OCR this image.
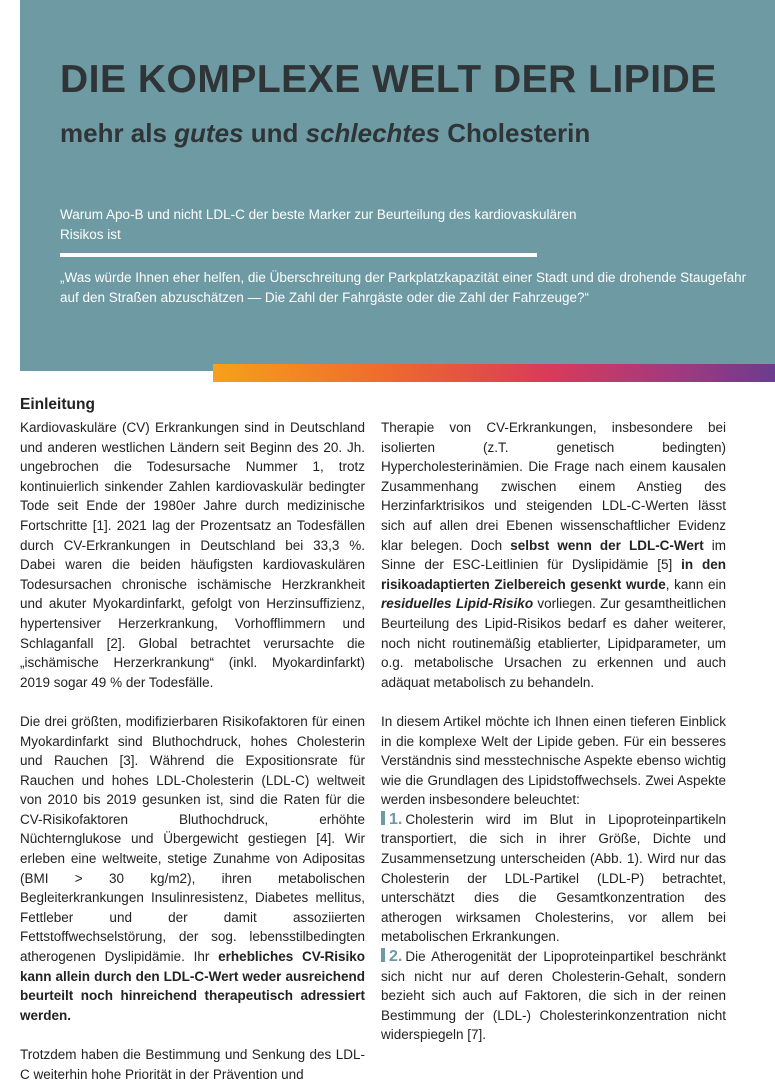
DIE KOMPLEXE WELT DER LIPIDE
mehr als gutes und schlechtes Cholesterin
Warum Apo-B und nicht LDL-C der beste Marker zur Beurteilung des kardiovaskulären Risikos ist
„Was würde Ihnen eher helfen, die Überschreitung der Parkplatzkapazität einer Stadt und die drohende Staugefahr auf den Straßen abzuschätzen — Die Zahl der Fahrgäste oder die Zahl der Fahrzeuge?“
Einleitung

Kardiovaskuläre (CV) Erkrankungen sind in Deutschland und anderen westlichen Ländern seit Beginn des 20. Jh. ungebrochen die Todesursache Nummer 1, trotz kontinuierlich sinkender Zahlen kardiovaskulär bedingter Tode seit Ende der 1980er Jahre durch medizinische Fortschritte [1]. 2021 lag der Prozentsatz an Todesfällen durch CV-Erkrankungen in Deutschland bei 33,3 %. Dabei waren die beiden häufigsten kardiovaskulären Todesursachen chronische ischämische Herzkrankheit und akuter Myokardinfarkt, gefolgt von Herzinsuffizienz, hypertensiver Herzerkrankung, Vorhofflimmern und Schlaganfall [2]. Global betrachtet verursachte die „ischämische Herzerkrankung“ (inkl. Myokardinfarkt) 2019 sogar 49 % der Todesfälle.

Die drei größten, modifizierbaren Risikofaktoren für einen Myokardinfarkt sind Bluthochdruck, hohes Cholesterin und Rauchen [3]. Während die Expositionsrate für Rauchen und hohes LDL-Cholesterin (LDL-C) weltweit von 2010 bis 2019 gesunken ist, sind die Raten für die CV-Risikofaktoren Bluthochdruck, erhöhte Nüchternglukose und Übergewicht gestiegen [4]. Wir erleben eine weltweite, stetige Zunahme von Adipositas (BMI > 30 kg/m2), ihren metabolischen Begleiterkrankungen Insulinresistenz, Diabetes mellitus, Fettleber und der damit assoziierten Fettstoffwechselstörung, der sog. lebensstilbedingten atherogenen Dyslipidämie. Ihr erhebliches CV-Risiko kann allein durch den LDL-C-Wert weder ausreichend beurteilt noch hinreichend therapeutisch adressiert werden.

Trotzdem haben die Bestimmung und Senkung des LDL-C weiterhin hohe Priorität in der Prävention und

Therapie von CV-Erkrankungen, insbesondere bei isolierten (z.T. genetisch bedingten) Hypercholesterinämien. Die Frage nach einem kausalen Zusammenhang zwischen einem Anstieg des Herzinfarktrisikos und steigenden LDL-C-Werten lässt sich auf allen drei Ebenen wissenschaftlicher Evidenz klar belegen. Doch selbst wenn der LDL-C-Wert im Sinne der ESC-Leitlinien für Dyslipidämie [5] in den risikoadaptierten Zielbereich gesenkt wurde, kann ein residuelles Lipid-Risiko vorliegen. Zur gesamtheitlichen Beurteilung des Lipid-Risikos bedarf es daher weiterer, noch nicht routinemäßig etablierter, Lipidparameter, um o.g. metabolische Ursachen zu erkennen und auch adäquat metabolisch zu behandeln.

In diesem Artikel möchte ich Ihnen einen tieferen Einblick in die komplexe Welt der Lipide geben. Für ein besseres Verständnis sind messtechnische Aspekte ebenso wichtig wie die Grundlagen des Lipidstoffwechsels. Zwei Aspekte werden insbesondere beleuchtet:

1. Cholesterin wird im Blut in Lipoproteinpartikeln transportiert, die sich in ihrer Größe, Dichte und Zusammensetzung unterscheiden (Abb. 1). Wird nur das Cholesterin der LDL-Partikel (LDL-P) betrachtet, unterschätzt dies die Gesamtkonzentration des atherogen wirksamen Cholesterins, vor allem bei metabolischen Erkrankungen.

2. Die Atherogenität der Lipoproteinpartikel beschränkt sich nicht nur auf deren Cholesterin-Gehalt, sondern bezieht sich auch auf Faktoren, die sich in der reinen Bestimmung der (LDL-) Cholesterinkonzentration nicht widerspiegeln [7].
